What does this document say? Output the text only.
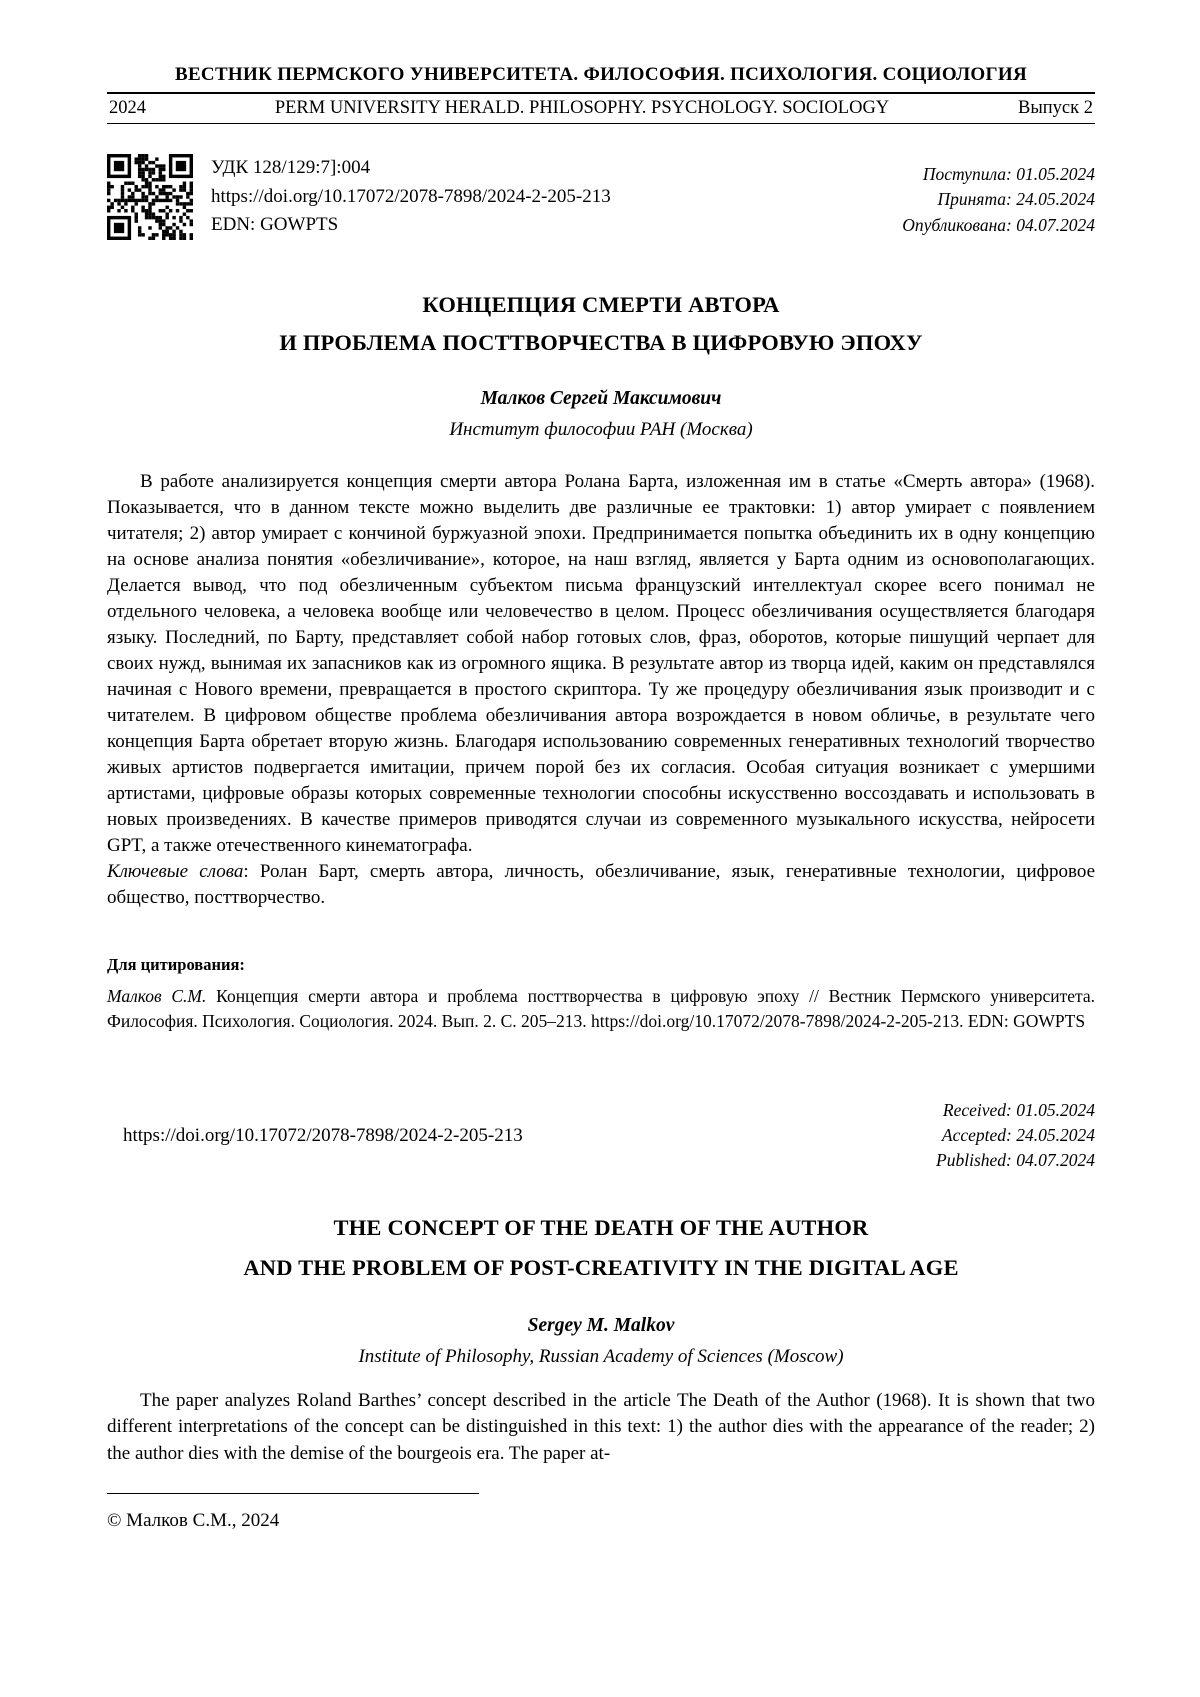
ВЕСТНИК ПЕРМСКОГО УНИВЕРСИТЕТА. ФИЛОСОФИЯ. ПСИХОЛОГИЯ. СОЦИОЛОГИЯ
2024	PERM UNIVERSITY HERALD. PHILOSOPHY. PSYCHOLOGY. SOCIOLOGY	Выпуск 2
УДК 128/129:7]:004
https://doi.org/10.17072/2078-7898/2024-2-205-213
EDN: GOWPTS
Поступила: 01.05.2024
Принята: 24.05.2024
Опубликована: 04.07.2024
КОНЦЕПЦИЯ СМЕРТИ АВТОРА
И ПРОБЛЕМА ПОСТТВОРЧЕСТВА В ЦИФРОВУЮ ЭПОХУ
Малков Сергей Максимович
Институт философии РАН (Москва)

В работе анализируется концепция смерти автора Ролана Барта, изложенная им в статье «Смерть автора» (1968). Показывается, что в данном тексте можно выделить две различные ее трактовки: 1) автор умирает с появлением читателя; 2) автор умирает с кончиной буржуазной эпохи. Предпринимается попытка объединить их в одну концепцию на основе анализа понятия «обезличивание», которое, на наш взгляд, является у Барта одним из основополагающих. Делается вывод, что под обезличенным субъектом письма французский интеллектуал скорее всего понимал не отдельного человека, а человека вообще или человечество в целом. Процесс обезличивания осуществляется благодаря языку. Последний, по Барту, представляет собой набор готовых слов, фраз, оборотов, которые пишущий черпает для своих нужд, вынимая их запасников как из огромного ящика. В результате автор из творца идей, каким он представлялся начиная с Нового времени, превращается в простого скриптора. Ту же процедуру обезличивания язык производит и с читателем. В цифровом обществе проблема обезличивания автора возрождается в новом обличье, в результате чего концепция Барта обретает вторую жизнь. Благодаря использованию современных генеративных технологий творчество живых артистов подвергается имитации, причем порой без их согласия. Особая ситуация возникает с умершими артистами, цифровые образы которых современные технологии способны искусственно воссоздавать и использовать в новых произведениях. В качестве примеров приводятся случаи из современного музыкального искусства, нейросети GPT, а также отечественного кинематографа.

Ключевые слова: Ролан Барт, смерть автора, личность, обезличивание, язык, генеративные технологии, цифровое общество, посттворчество.

Для цитирования:

Малков С.М. Концепция смерти автора и проблема посттворчества в цифровую эпоху // Вестник Пермского университета. Философия. Психология. Социология. 2024. Вып. 2. С. 205–213. https://doi.org/10.17072/2078-7898/2024-2-205-213. EDN: GOWPTS

https://doi.org/10.17072/2078-7898/2024-2-205-213
Received: 01.05.2024
Accepted: 24.05.2024
Published: 04.07.2024
THE CONCEPT OF THE DEATH OF THE AUTHOR
AND THE PROBLEM OF POST-CREATIVITY IN THE DIGITAL AGE
Sergey M. Malkov
Institute of Philosophy, Russian Academy of Sciences (Moscow)

The paper analyzes Roland Barthes’ concept described in the article The Death of the Author (1968). It is shown that two different interpretations of the concept can be distinguished in this text: 1) the author dies with the appearance of the reader; 2) the author dies with the demise of the bourgeois era. The paper at-

© Малков С.М., 2024
